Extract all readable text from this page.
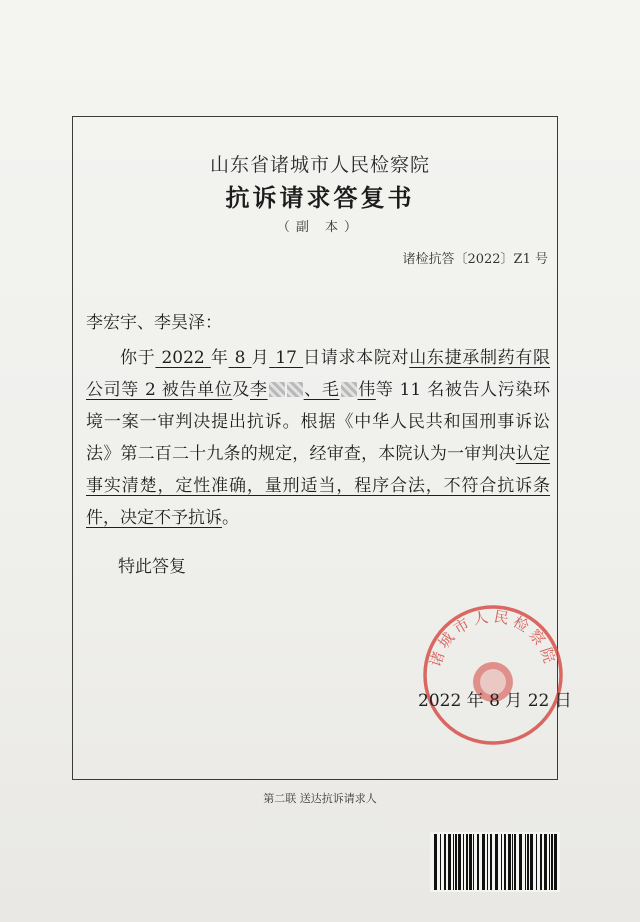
山东省诸城市人民检察院
抗诉请求答复书
（副 本）
诸检抗答〔2022〕Z1 号
李宏宇、李昊泽：

你于 2022 年 8 月 17 日请求本院对山东捷承制药有限公司等 2 被告单位及李 、毛 伟等 11 名被告人污染环境一案一审判决提出抗诉。根据《中华人民共和国刑事诉讼法》第二百二十九条的规定，经审查，本院认为一审判决认定事实清楚，定性准确，量刑适当，程序合法，不符合抗诉条件，决定不予抗诉。

特此答复
诸城市人民检察院
2022 年 8 月 22 日
第二联 送达抗诉请求人
